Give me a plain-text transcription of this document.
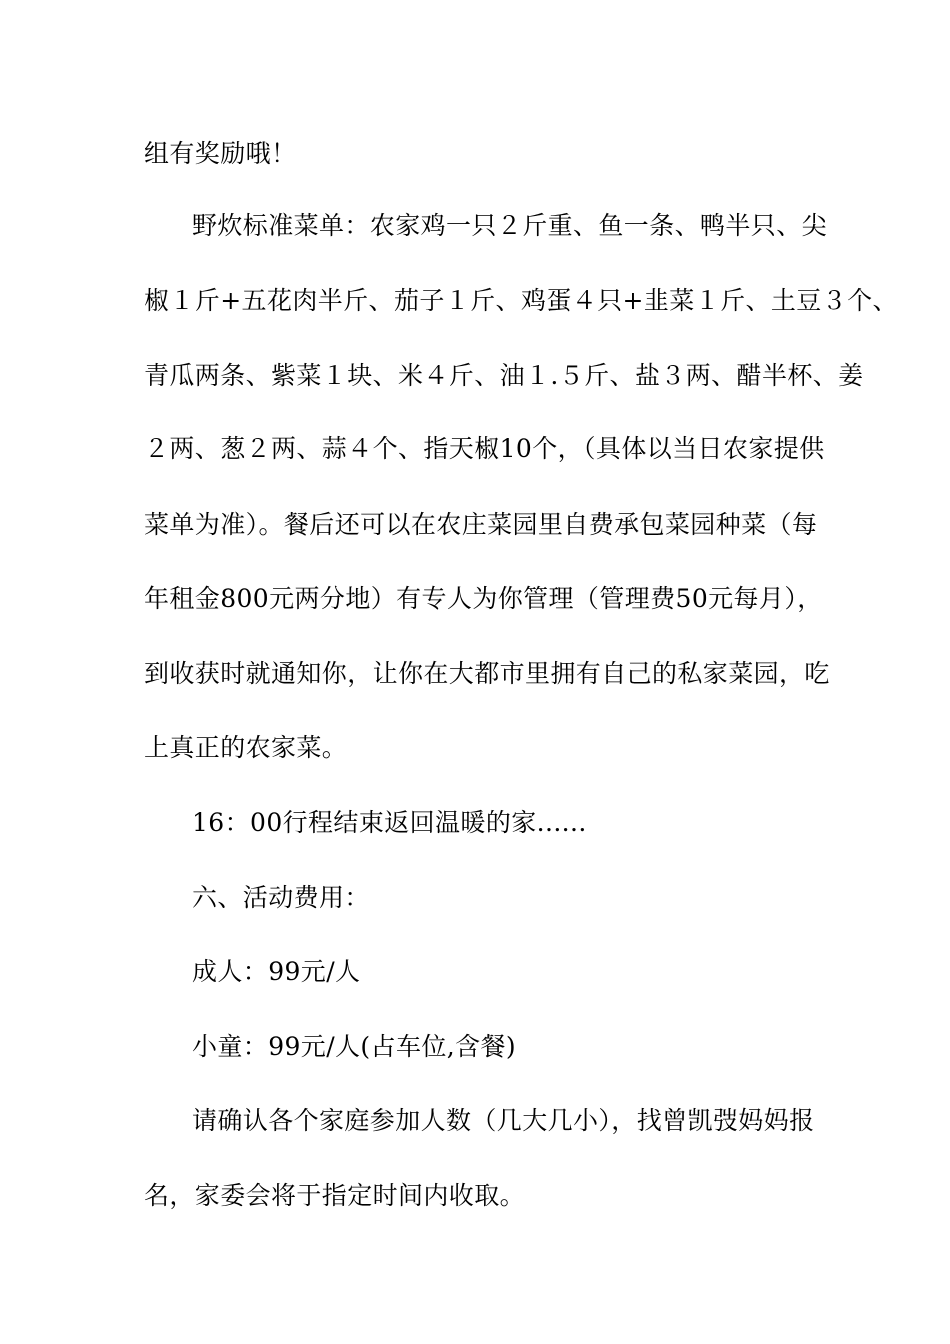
组有奖励哦！
野炊标准菜单：农家鸡一只２斤重、鱼一条、鸭半只、尖
椒１斤+五花肉半斤、茄子１斤、鸡蛋４只+韭菜１斤、土豆３个、
青瓜两条、紫菜１块、米４斤、油１.５斤、盐３两、醋半杯、姜
２两、葱２两、蒜４个、指天椒10个，（具体以当日农家提供
菜单为准）。餐后还可以在农庄菜园里自费承包菜园种菜（每
年租金800元两分地）有专人为你管理（管理费50元每月），
到收获时就通知你，让你在大都市里拥有自己的私家菜园，吃
上真正的农家菜。
16：00行程结束返回温暖的家......
六、活动费用：
成人：99元/人
小童：99元/人(占车位,含餐)
请确认各个家庭参加人数（几大几小），找曾凯弢妈妈报
名，家委会将于指定时间内收取。
